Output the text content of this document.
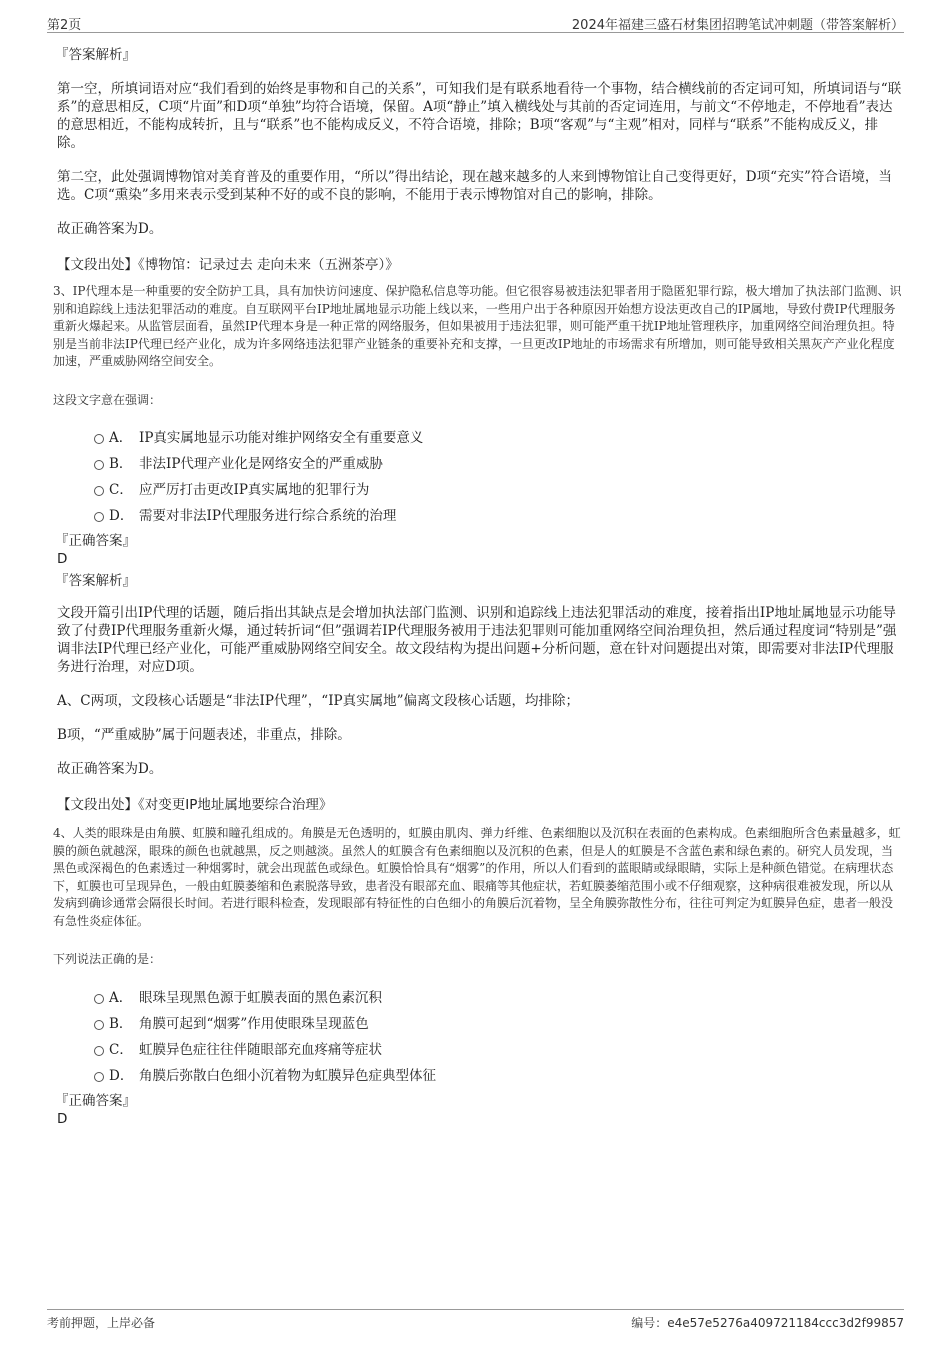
第2页	2024年福建三盛石材集团招聘笔试冲刺题（带答案解析）

『答案解析』

第一空，所填词语对应“我们看到的始终是事物和自己的关系”，可知我们是有联系地看待一个事物，结合横线前的否定词可知，所填词语与“联系”的意思相反，C项“片面”和D项“单独”均符合语境，保留。A项“静止”填入横线处与其前的否定词连用，与前文“不停地走，不停地看”表达的意思相近，不能构成转折，且与“联系”也不能构成反义，不符合语境，排除；B项“客观”与“主观”相对，同样与“联系”不能构成反义，排除。

第二空，此处强调博物馆对美育普及的重要作用，“所以”得出结论，现在越来越多的人来到博物馆让自己变得更好，D项“充实”符合语境，当选。C项“熏染”多用来表示受到某种不好的或不良的影响，不能用于表示博物馆对自己的影响，排除。

故正确答案为D。

【文段出处】《博物馆：记录过去 走向未来（五洲茶亭）》

3、IP代理本是一种重要的安全防护工具，具有加快访问速度、保护隐私信息等功能。但它很容易被违法犯罪者用于隐匿犯罪行踪，极大增加了执法部门监测、识别和追踪线上违法犯罪活动的难度。自互联网平台IP地址属地显示功能上线以来，一些用户出于各种原因开始想方设法更改自己的IP属地，导致付费IP代理服务重新火爆起来。从监管层面看，虽然IP代理本身是一种正常的网络服务，但如果被用于违法犯罪，则可能严重干扰IP地址管理秩序，加重网络空间治理负担。特别是当前非法IP代理已经产业化，成为许多网络违法犯罪产业链条的重要补充和支撑，一旦更改IP地址的市场需求有所增加，则可能导致相关黑灰产产业化程度加速，严重威胁网络空间安全。

这段文字意在强调：

A． IP真实属地显示功能对维护网络安全有重要意义
B． 非法IP代理产业化是网络安全的严重威胁
C． 应严厉打击更改IP真实属地的犯罪行为
D． 需要对非法IP代理服务进行综合系统的治理

『正确答案』

D

『答案解析』

文段开篇引出IP代理的话题，随后指出其缺点是会增加执法部门监测、识别和追踪线上违法犯罪活动的难度，接着指出IP地址属地显示功能导致了付费IP代理服务重新火爆，通过转折词“但”强调若IP代理服务被用于违法犯罪则可能加重网络空间治理负担，然后通过程度词“特别是”强调非法IP代理已经产业化，可能严重威胁网络空间安全。故文段结构为提出问题+分析问题，意在针对问题提出对策，即需要对非法IP代理服务进行治理，对应D项。

A、C两项，文段核心话题是“非法IP代理”，“IP真实属地”偏离文段核心话题，均排除；

B项，“严重威胁”属于问题表述，非重点，排除。

故正确答案为D。

【文段出处】《对变更IP地址属地要综合治理》

4、人类的眼珠是由角膜、虹膜和瞳孔组成的。角膜是无色透明的，虹膜由肌肉、弹力纤维、色素细胞以及沉积在表面的色素构成。色素细胞所含色素量越多，虹膜的颜色就越深，眼珠的颜色也就越黑，反之则越淡。虽然人的虹膜含有色素细胞以及沉积的色素，但是人的虹膜是不含蓝色素和绿色素的。研究人员发现，当黑色或深褐色的色素透过一种烟雾时，就会出现蓝色或绿色。虹膜恰恰具有“烟雾”的作用，所以人们看到的蓝眼睛或绿眼睛，实际上是种颜色错觉。在病理状态下，虹膜也可呈现异色，一般由虹膜萎缩和色素脱落导致，患者没有眼部充血、眼痛等其他症状，若虹膜萎缩范围小或不仔细观察，这种病很难被发现，所以从发病到确诊通常会隔很长时间。若进行眼科检查，发现眼部有特征性的白色细小的角膜后沉着物，呈全角膜弥散性分布，往往可判定为虹膜异色症，患者一般没有急性炎症体征。

下列说法正确的是：

A． 眼珠呈现黑色源于虹膜表面的黑色素沉积
B． 角膜可起到“烟雾”作用使眼珠呈现蓝色
C． 虹膜异色症往往伴随眼部充血疼痛等症状
D． 角膜后弥散白色细小沉着物为虹膜异色症典型体征

『正确答案』

D

考前押题，上岸必备	编号：e4e57e5276a409721184ccc3d2f99857
